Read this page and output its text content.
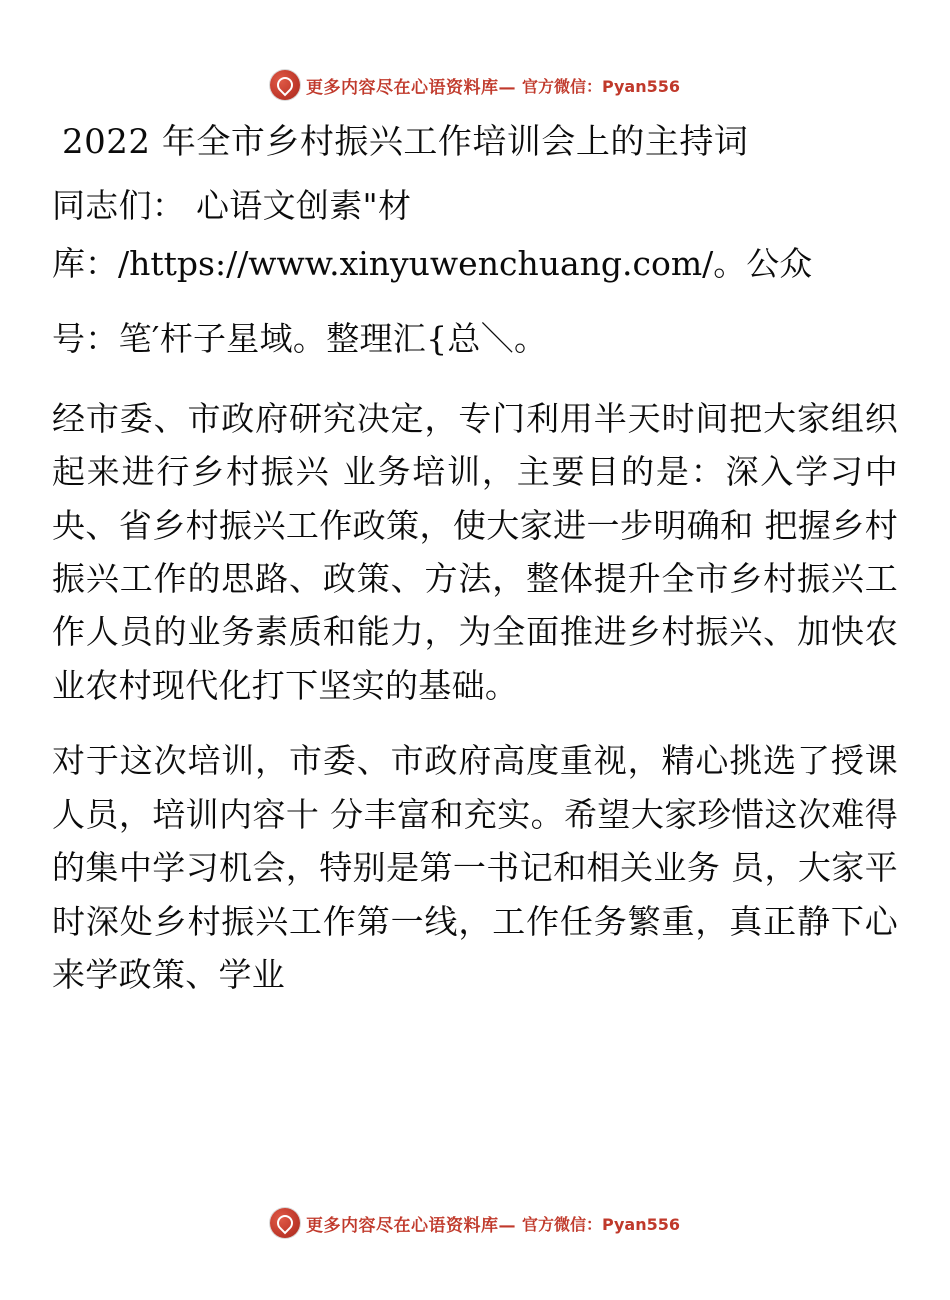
更多内容尽在心语资料库— 官方微信：Pyan556
2022 年全市乡村振兴工作培训会上的主持词

同志们： 心语文创素"材

库：/https://www.xinyuwenchuang.com/。公众

号：笔′杆子星域。整理汇{总＼。

经市委、市政府研究决定，专门利用半天时间把大家组织起来进行乡村振兴 业务培训，主要目的是：深入学习中央、省乡村振兴工作政策，使大家进一步明确和 把握乡村振兴工作的思路、政策、方法，整体提升全市乡村振兴工作人员的业务素质和能力，为全面推进乡村振兴、加快农业农村现代化打下坚实的基础。

对于这次培训，市委、市政府高度重视，精心挑选了授课人员，培训内容十 分丰富和充实。希望大家珍惜这次难得的集中学习机会，特别是第一书记和相关业务 员，大家平时深处乡村振兴工作第一线，工作任务繁重，真正静下心来学政策、学业

更多内容尽在心语资料库— 官方微信：Pyan556
